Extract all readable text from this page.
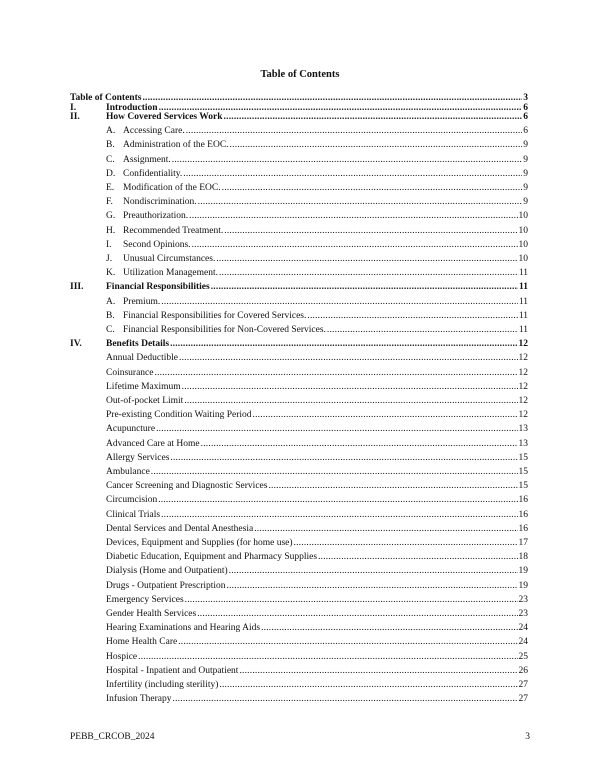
Table of Contents
Table of Contents .....	3
I.	Introduction .....	6
II.	How Covered Services Work .....	6
A. Accessing Care. .....	6
B. Administration of the EOC. .....	9
C. Assignment. .....	9
D. Confidentiality. .....	9
E. Modification of the EOC. .....	9
F.	Nondiscrimination. .....	9
G. Preauthorization. .....	10
H. Recommended Treatment. .....	10
I.	Second Opinions. .....	10
J.	Unusual Circumstances. .....	10
K. Utilization Management. .....	11
III.	Financial Responsibilities .....	11
A. Premium. .....	11
B. Financial Responsibilities for Covered Services. .....	11
C. Financial Responsibilities for Non-Covered Services. .....	11
IV.	Benefits Details .....	12
Annual Deductible .....	12
Coinsurance .....	12
Lifetime Maximum .....	12
Out-of-pocket Limit .....	12
Pre-existing Condition Waiting Period .....	12
Acupuncture .....	13
Advanced Care at Home .....	13
Allergy Services .....	15
Ambulance .....	15
Cancer Screening and Diagnostic Services .....	15
Circumcision .....	16
Clinical Trials .....	16
Dental Services and Dental Anesthesia .....	16
Devices, Equipment and Supplies (for home use) .....	17
Diabetic Education, Equipment and Pharmacy Supplies .....	18
Dialysis (Home and Outpatient) .....	19
Drugs - Outpatient Prescription .....	19
Emergency Services .....	23
Gender Health Services .....	23
Hearing Examinations and Hearing Aids .....	24
Home Health Care .....	24
Hospice .....	25
Hospital - Inpatient and Outpatient .....	26
Infertility (including sterility) .....	27
Infusion Therapy .....	27
PEBB_CRCOB_2024	3
